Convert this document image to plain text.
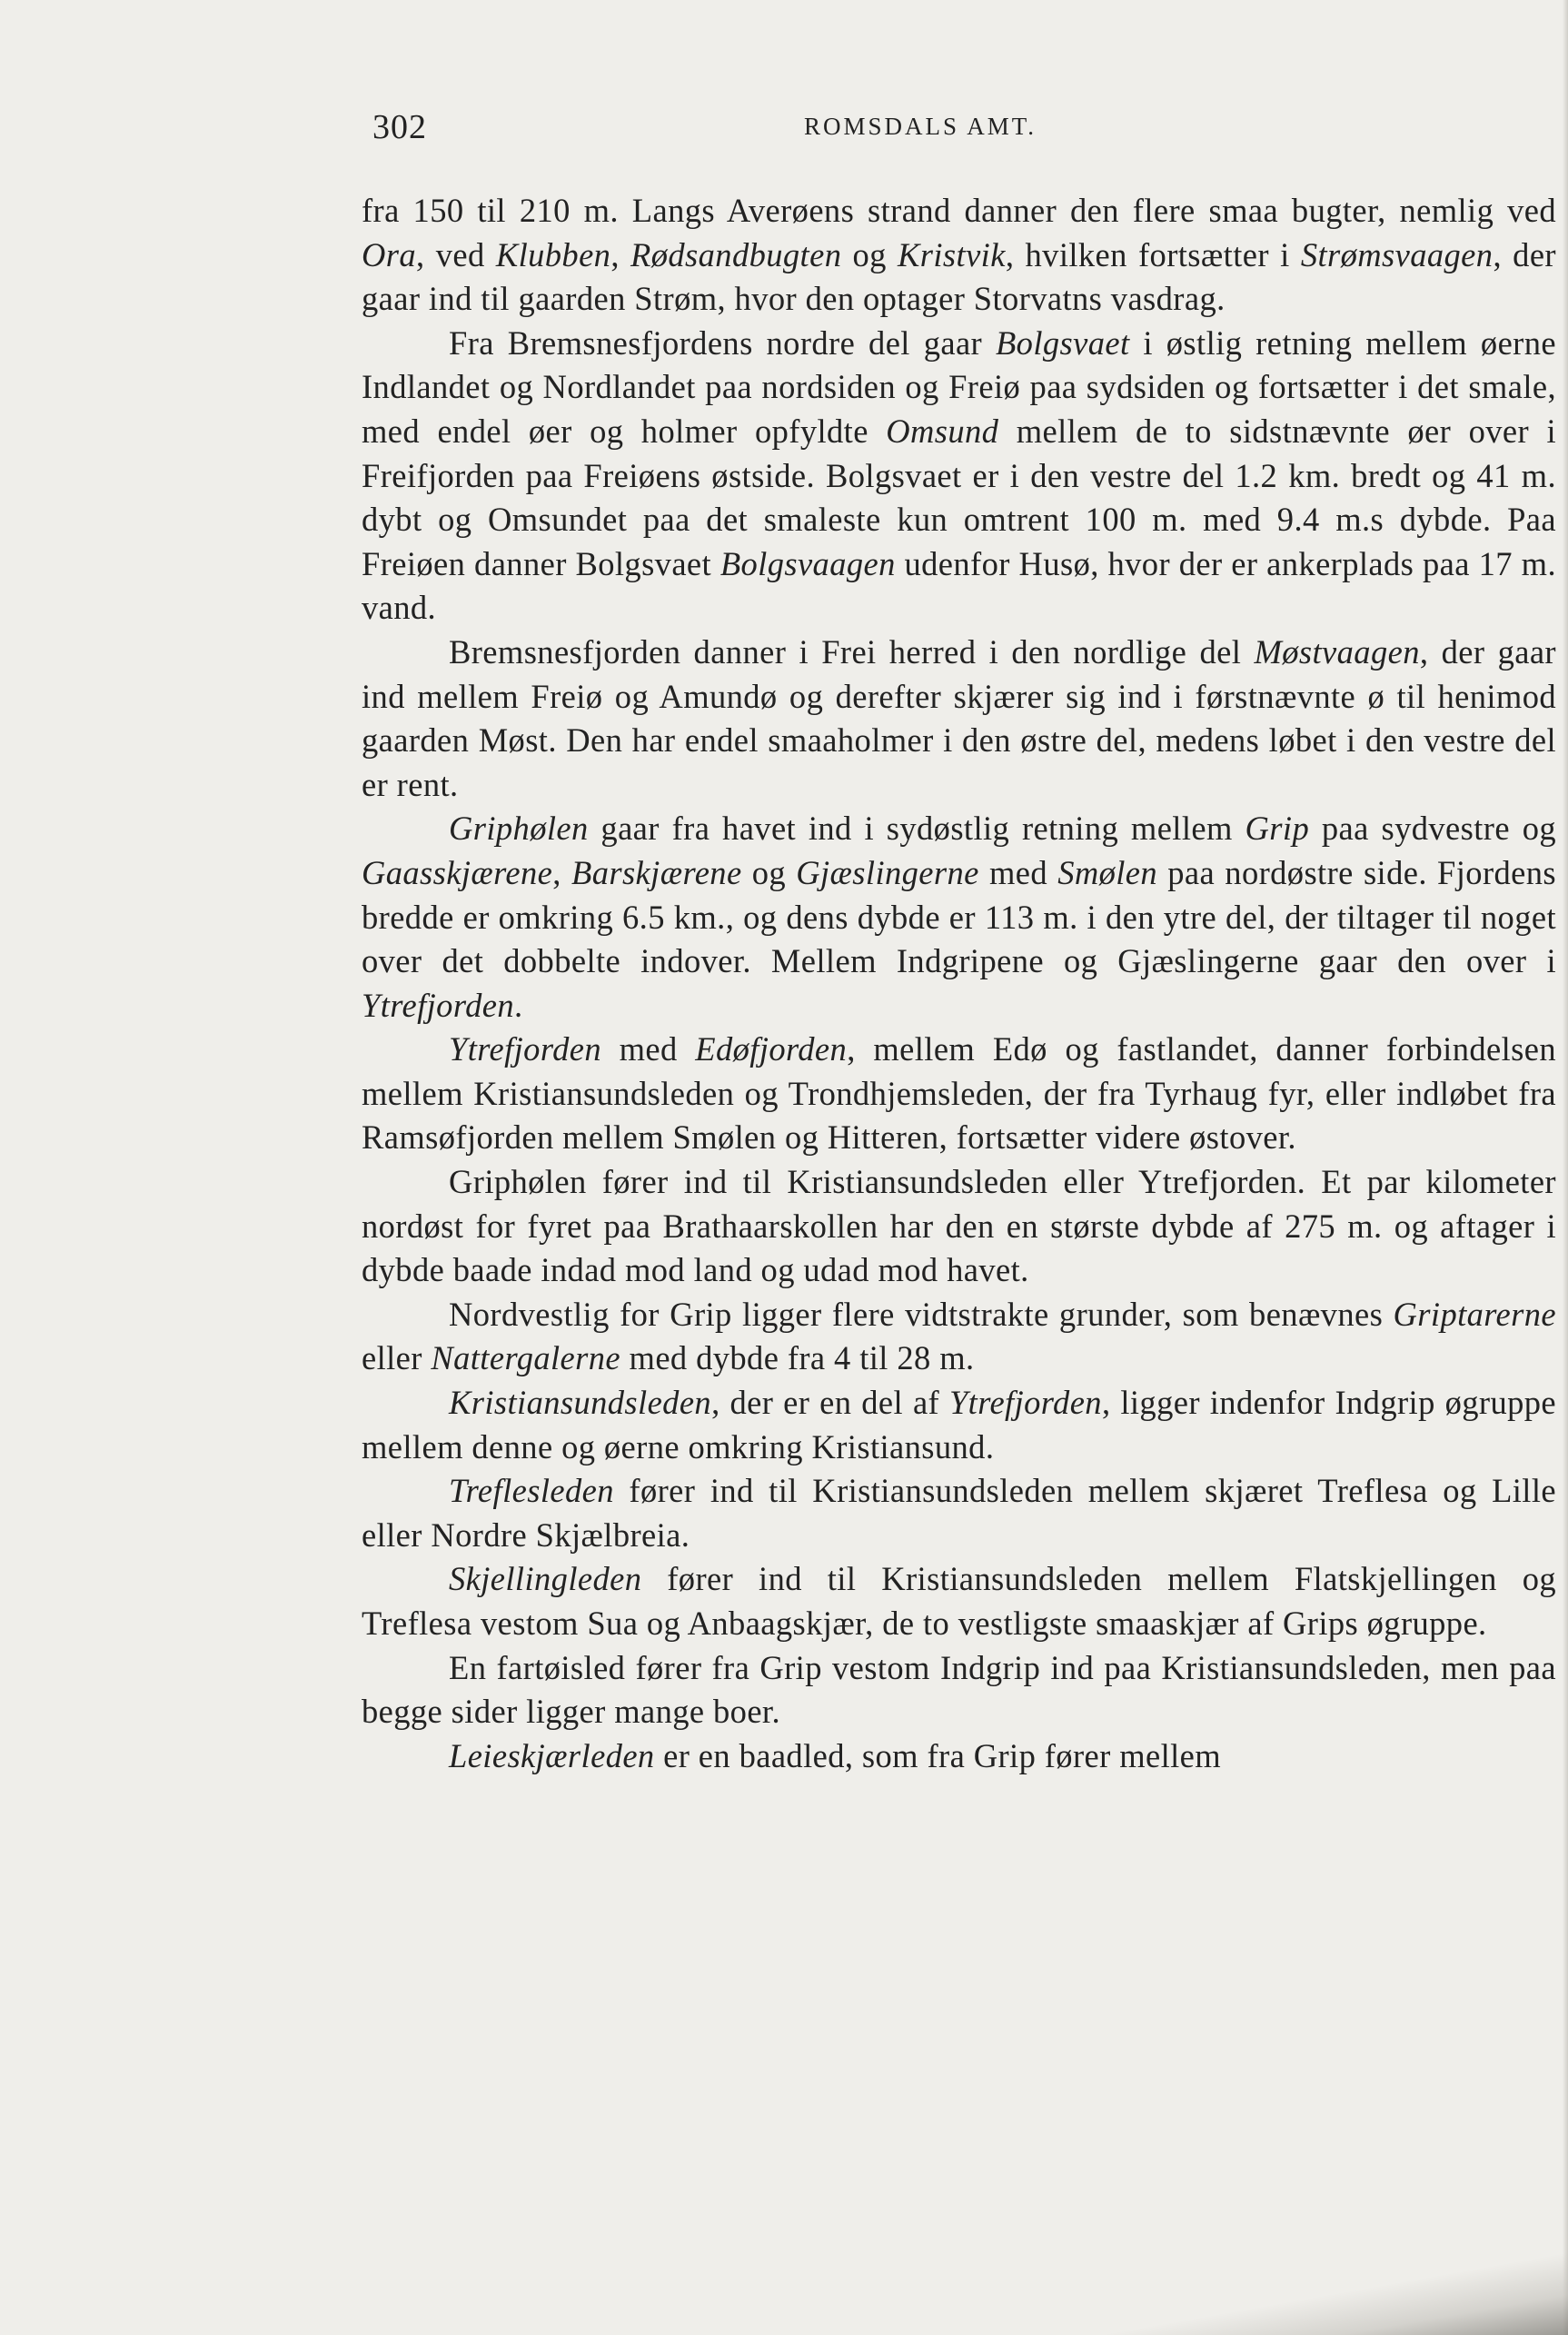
302	ROMSDALS AMT.

fra 150 til 210 m. Langs Averøens strand danner den flere smaa bugter, nemlig ved Ora, ved Klubben, Rødsandbugten og Kristvik, hvilken fortsætter i Strømsvaagen, der gaar ind til gaarden Strøm, hvor den optager Storvatns vasdrag.

Fra Bremsnesfjordens nordre del gaar Bolgsvaet i østlig retning mellem øerne Indlandet og Nordlandet paa nordsiden og Freiø paa sydsiden og fortsætter i det smale, med endel øer og holmer opfyldte Omsund mellem de to sidstnævnte øer over i Freifjorden paa Freiøens østside. Bolgsvaet er i den vestre del 1.2 km. bredt og 41 m. dybt og Omsundet paa det smaleste kun omtrent 100 m. med 9.4 m.s dybde. Paa Freiøen danner Bolgsvaet Bolgsvaagen udenfor Husø, hvor der er ankerplads paa 17 m. vand.

Bremsnesfjorden danner i Frei herred i den nordlige del Møstvaagen, der gaar ind mellem Freiø og Amundø og derefter skjærer sig ind i førstnævnte ø til henimod gaarden Møst. Den har endel smaaholmer i den østre del, medens løbet i den vestre del er rent.

Griphølen gaar fra havet ind i sydøstlig retning mellem Grip paa sydvestre og Gaasskjærene, Barskjærene og Gjæslingerne med Smølen paa nordøstre side. Fjordens bredde er omkring 6.5 km., og dens dybde er 113 m. i den ytre del, der tiltager til noget over det dobbelte indover. Mellem Indgripene og Gjæslingerne gaar den over i Ytrefjorden.

Ytrefjorden med Edøfjorden, mellem Edø og fastlandet, danner forbindelsen mellem Kristiansundsleden og Trondhjemsleden, der fra Tyrhaug fyr, eller indløbet fra Ramsøfjorden mellem Smølen og Hitteren, fortsætter videre østover.

Griphølen fører ind til Kristiansundsleden eller Ytrefjorden. Et par kilometer nordøst for fyret paa Brathaarskollen har den en største dybde af 275 m. og aftager i dybde baade indad mod land og udad mod havet.

Nordvestlig for Grip ligger flere vidtstrakte grunder, som benævnes Griptarerne eller Nattergalerne med dybde fra 4 til 28 m.

Kristiansundsleden, der er en del af Ytrefjorden, ligger indenfor Indgrip øgruppe mellem denne og øerne omkring Kristiansund.

Treflesleden fører ind til Kristiansundsleden mellem skjæret Treflesa og Lille eller Nordre Skjælbreia.

Skjellingleden fører ind til Kristiansundsleden mellem Flatskjellingen og Treflesa vestom Sua og Anbaagskjær, de to vestligste smaaskjær af Grips øgruppe.

En fartøisled fører fra Grip vestom Indgrip ind paa Kristiansundsleden, men paa begge sider ligger mange boer.

Leieskjærleden er en baadled, som fra Grip fører mellem
